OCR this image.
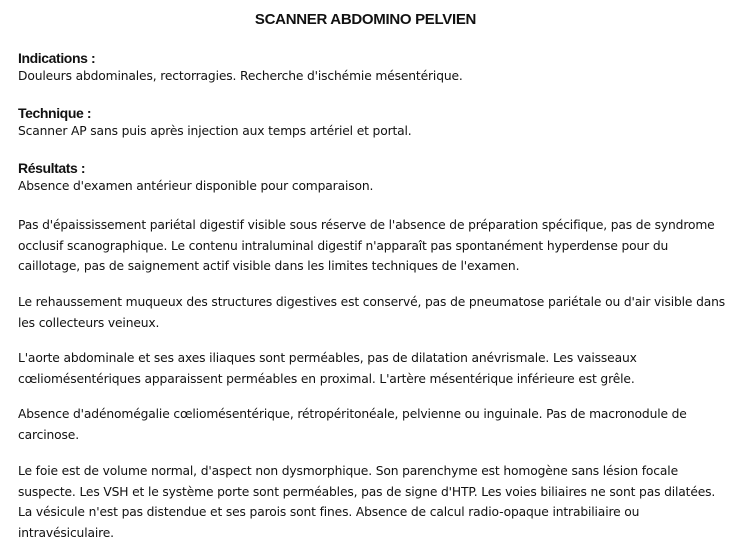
SCANNER ABDOMINO PELVIEN

Indications :

Douleurs abdominales, rectorragies. Recherche d'ischémie mésentérique.

Technique :

Scanner AP sans puis après injection aux temps artériel et portal.

Résultats :

Absence d'examen antérieur disponible pour comparaison.

Pas d'épaississement pariétal digestif visible sous réserve de l'absence de préparation spécifique, pas de syndrome occlusif scanographique. Le contenu intraluminal digestif n'apparaît pas spontanément hyperdense pour du caillotage, pas de saignement actif visible dans les limites techniques de l'examen.

Le rehaussement muqueux des structures digestives est conservé, pas de pneumatose pariétale ou d'air visible dans les collecteurs veineux.

L'aorte abdominale et ses axes iliaques sont perméables, pas de dilatation anévrismale. Les vaisseaux cœliomésentériques apparaissent perméables en proximal. L'artère mésentérique inférieure est grêle.

Absence d'adénomégalie cœliomésentérique, rétropéritonéale, pelvienne ou inguinale. Pas de macronodule de carcinose.

Le foie est de volume normal, d'aspect non dysmorphique. Son parenchyme est homogène sans lésion focale suspecte. Les VSH et le système porte sont perméables, pas de signe d'HTP. Les voies biliaires ne sont pas dilatées. La vésicule n'est pas distendue et ses parois sont fines. Absence de calcul radio-opaque intrabiliaire ou intravésiculaire.
